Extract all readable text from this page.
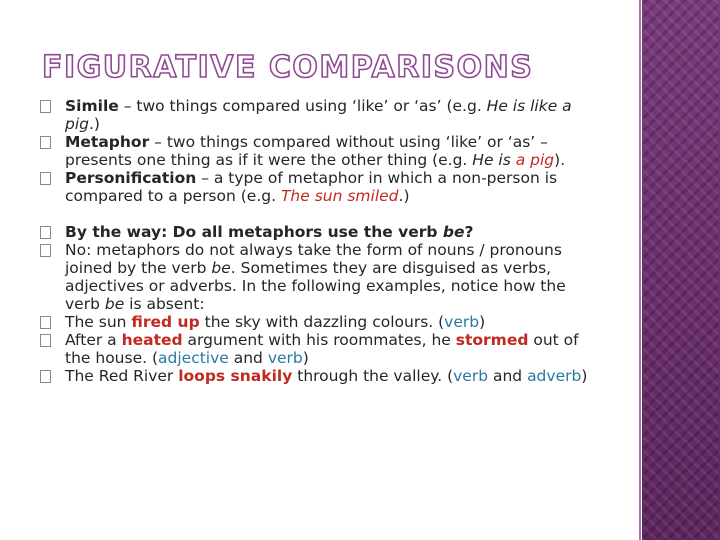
FIGURATIVE COMPARISONS
Simile – two things compared using ‘like’ or ‘as’ (e.g. He is like a pig.)
Metaphor – two things compared without using ‘like’ or ‘as’ – presents one thing as if it were the other thing (e.g. He is a pig).
Personification – a type of metaphor in which a non-person is compared to a person (e.g. The sun smiled.)
By the way: Do all metaphors use the verb be?
No: metaphors do not always take the form of nouns / pronouns joined by the verb be. Sometimes they are disguised as verbs, adjectives or adverbs. In the following examples, notice how the verb be is absent:
The sun fired up the sky with dazzling colours. (verb)
After a heated argument with his roommates, he stormed out of the house. (adjective and verb)
The Red River loops snakily through the valley. (verb and adverb)
